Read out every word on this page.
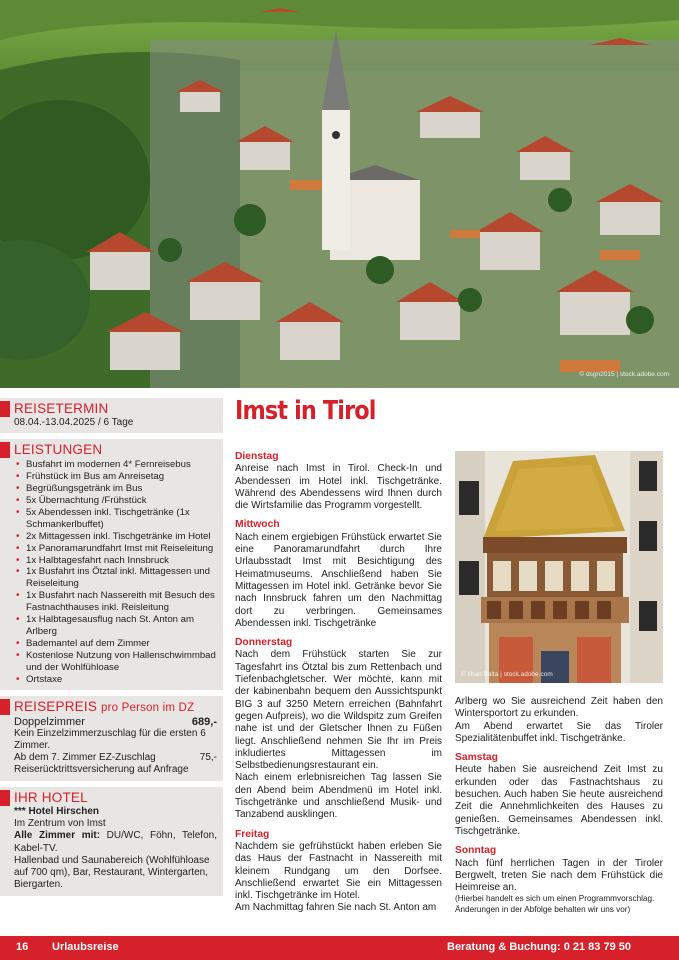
© dsgn2015 | stock.adobe.com
REISETERMIN
08.04.-13.04.2025 / 6 Tage
LEISTUNGEN
• Busfahrt im modernen 4* Fernreisebus
• Frühstück im Bus am Anreisetag
• Begrüßungsgetränk im Bus
• 5x Übernachtung /Frühstück
• 5x Abendessen inkl. Tischgetränke (1x Schmankerlbuffet)
• 2x Mittagessen inkl. Tischgetränke im Hotel
• 1x Panoramarundfahrt Imst mit Reiseleitung
• 1x Halbtagesfahrt nach Innsbruck
• 1x Busfahrt ins Ötztal inkl. Mittagessen und Reiseleitung
• 1x Busfahrt nach Nassereith mit Besuch des Fastnachthauses inkl. Reisleitung
• 1x Halbtagesausflug nach St. Anton am Arlberg
• Bademantel auf dem Zimmer
• Kostenlose Nutzung von Hallenschwimmbad und der Wohlfühloase
• Ortstaxe
REISEPREIS pro Person im DZ
Doppelzimmer	689,-
Kein Einzelzimmerzuschlag für die ersten 6 Zimmer.
Ab dem 7. Zimmer EZ-Zuschlag	75,-
Reiserücktrittsversicherung auf Anfrage
IHR HOTEL
*** Hotel Hirschen
Im Zentrum von Imst
Alle Zimmer mit: DU/WC, Föhn, Telefon, Kabel-TV.
Hallenbad und Saunabereich (Wohlfühloase auf 700 qm), Bar, Restaurant, Wintergarten, Biergarten.
Imst in Tirol
Dienstag
Anreise nach Imst in Tirol. Check-In und Abendessen im Hotel inkl. Tischgetränke. Während des Abendessens wird Ihnen durch die Wirtsfamilie das Programm vorgestellt.
Mittwoch
Nach einem ergiebigen Frühstück erwartet Sie eine Panoramarundfahrt durch Ihre Urlaubsstadt Imst mit Besichtigung des Heimatmuseums. Anschließend haben Sie Mittagessen im Hotel inkl. Getränke bevor Sie nach Innsbruck fahren um den Nachmittag dort zu verbringen. Gemeinsames Abendessen inkl. Tischgetränke
Donnerstag
Nach dem Frühstück starten Sie zur Tagesfahrt ins Ötztal bis zum Rettenbach und Tiefenbachgletscher. Wer möchte, kann mit der kabinenbahn bequem den Aussichtspunkt BIG 3 auf 3250 Metern erreichen (Bahnfahrt gegen Aufpreis), wo die Wildspitz zum Greifen nahe ist und der Gletscher Ihnen zu Füßen liegt. Anschließend nehmen Sie Ihr im Preis inkludiertes Mittagessen im Selbstbedienungsrestaurant ein.
Nach einem erlebnisreichen Tag lassen Sie den Abend beim Abendmenü im Hotel inkl. Tischgetränke und anschließend Musik- und Tanzabend ausklingen.
Freitag
Nachdem sie gefrühstückt haben erleben Sie das Haus der Fastnacht in Nassereith mit kleinem Rundgang um den Dorfsee. Anschließend erwartet Sie ein Mittagessen inkl. Tischgetränke im Hotel.
Am Nachmittag fahren Sie nach St. Anton am
© Ilhan Balta | stock.adobe.com
Arlberg wo Sie ausreichend Zeit haben den Wintersportort zu erkunden.
Am Abend erwartet Sie das Tiroler Spezialitätenbuffet inkl. Tischgetränke.
Samstag
Heute haben Sie ausreichend Zeit Imst zu erkunden oder das Fastnachtshaus zu besuchen. Auch haben Sie heute ausreichend Zeit die Annehmlichkeiten des Hauses zu genießen. Gemeinsames Abendessen inkl. Tischgetränke.
Sonntag
Nach fünf herrlichen Tagen in der Tiroler Bergwelt, treten Sie nach dem Frühstück die Heimreise an.
(Hierbei handelt es sich um einen Programmvorschlag. Änderungen in der Abfolge behalten wir uns vor)
16 Urlaubsreise	Beratung & Buchung: 0 21 83 79 50
